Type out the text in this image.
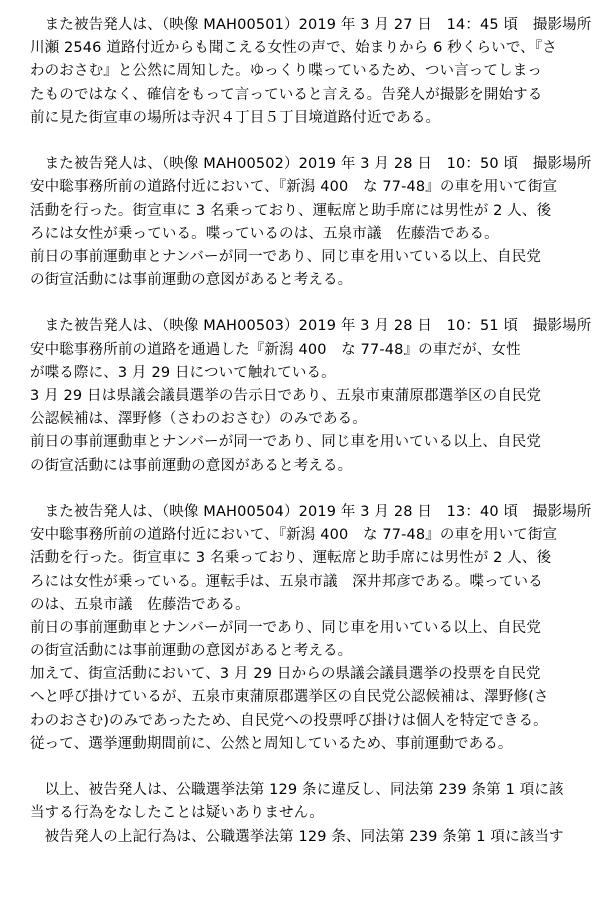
　また被告発人は、（映像 MAH00501）2019 年 3 月 27 日　14：45 頃　撮影場所
川瀬 2546 道路付近からも聞こえる女性の声で、始まりから 6 秒くらいで、『さ
わのおさむ』と公然に周知した。ゆっくり喋っているため、つい言ってしまっ
たものではなく、確信をもって言っていると言える。告発人が撮影を開始する
前に見た街宣車の場所は寺沢４丁目５丁目境道路付近である。
　また被告発人は、（映像 MAH00502）2019 年 3 月 28 日　10：50 頃　撮影場所
安中聡事務所前の道路付近において、『新潟 400　な 77-48』の車を用いて街宣
活動を行った。街宣車に 3 名乗っており、運転席と助手席には男性が 2 人、後
ろには女性が乗っている。喋っているのは、五泉市議　佐藤浩である。
前日の事前運動車とナンバーが同一であり、同じ車を用いている以上、自民党
の街宣活動には事前運動の意図があると考える。
　また被告発人は、（映像 MAH00503）2019 年 3 月 28 日　10：51 頃　撮影場所
安中聡事務所前の道路を通過した『新潟 400　な 77-48』の車だが、女性
が喋る際に、3 月 29 日について触れている。
3 月 29 日は県議会議員選挙の告示日であり、五泉市東蒲原郡選挙区の自民党
公認候補は、澤野修（さわのおさむ）のみである。
前日の事前運動車とナンバーが同一であり、同じ車を用いている以上、自民党
の街宣活動には事前運動の意図があると考える。
　また被告発人は、（映像 MAH00504）2019 年 3 月 28 日　13：40 頃　撮影場所
安中聡事務所前の道路付近において、『新潟 400　な 77-48』の車を用いて街宣
活動を行った。街宣車に 3 名乗っており、運転席と助手席には男性が 2 人、後
ろには女性が乗っている。運転手は、五泉市議　深井邦彦である。喋っている
のは、五泉市議　佐藤浩である。
前日の事前運動車とナンバーが同一であり、同じ車を用いている以上、自民党
の街宣活動には事前運動の意図があると考える。
加えて、街宣活動において、3 月 29 日からの県議会議員選挙の投票を自民党
へと呼び掛けているが、五泉市東蒲原郡選挙区の自民党公認候補は、澤野修(さ
わのおさむ)のみであったため、自民党への投票呼び掛けは個人を特定できる。
従って、選挙運動期間前に、公然と周知しているため、事前運動である。
　以上、被告発人は、公職選挙法第 129 条に違反し、同法第 239 条第 1 項に該
当する行為をなしたことは疑いありません。
　被告発人の上記行為は、公職選挙法第 129 条、同法第 239 条第 1 項に該当す
